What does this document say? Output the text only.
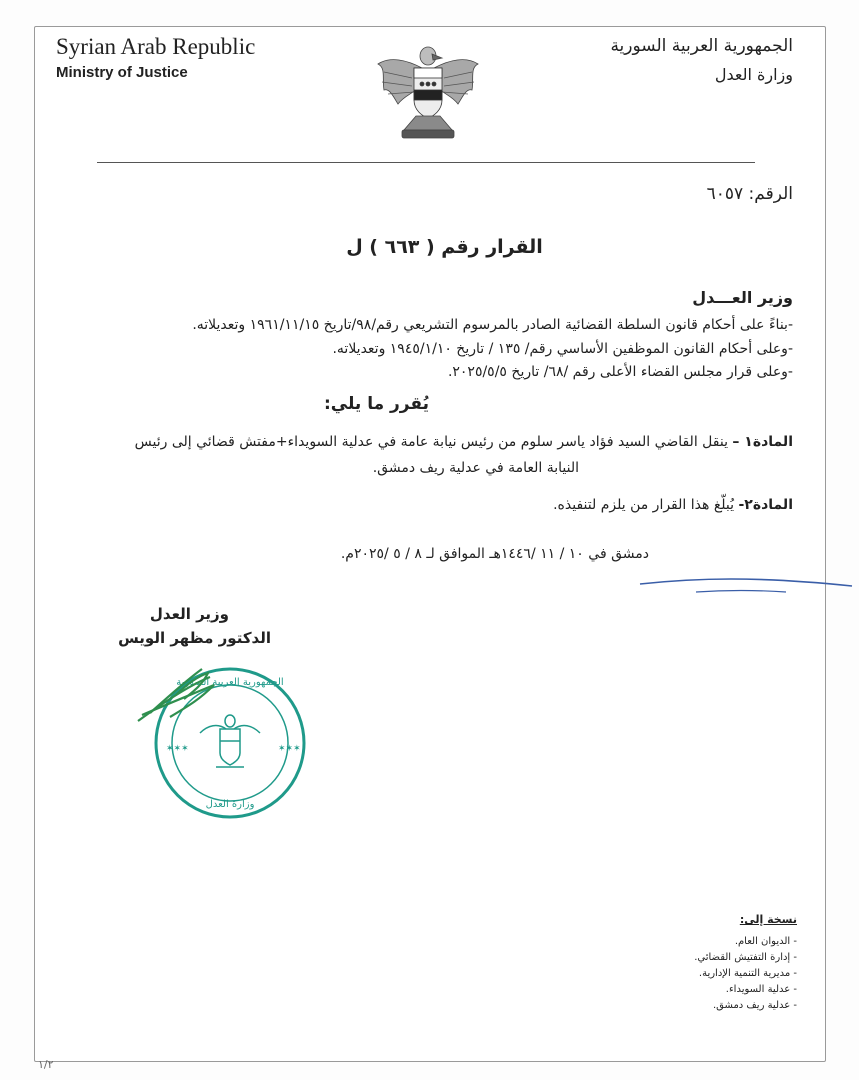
Syrian Arab Republic
Ministry of Justice
الجمهورية العربية السورية
وزارة العدل
الرقم: ٦٠٥٧
القرار رقم ( ٦٦٣ ) ل
وزير العـــدل
-بناءً على أحكام قانون السلطة القضائية الصادر بالمرسوم التشريعي رقم/٩٨/تاريخ ١٩٦١/١١/١٥ وتعديلاته.
-وعلى أحكام القانون الموظفين الأساسي رقم/ ١٣٥ / تاريخ ١٩٤٥/١/١٠ وتعديلاته.
-وعلى قرار مجلس القضاء الأعلى رقم /٦٨/ تاريخ ٢٠٢٥/٥/٥.
يُقرر ما يلي:
المادة١ – ينقل القاضي السيد فؤاد ياسر سلوم من رئيس نيابة عامة في عدلية السويداء+مفتش قضائي إلى رئيس
النيابة العامة في عدلية ريف دمشق.
المادة٢- يُبلّغ هذا القرار من يلزم لتنفيذه.
دمشق في ١٠ / ١١ /١٤٤٦هـ الموافق لـ ٨ / ٥ /٢٠٢٥م.
وزير العدل
الدكتور مظهر الويس
✶✶✶	✶✶✶
الجمهورية العربية السورية
وزارة العدل
نسخة إلى:
- الديوان العام.
- إدارة التفتيش القضائي.
- مديرية التنمية الإدارية.
- عدلية السويداء.
- عدلية ريف دمشق.
١/٢
